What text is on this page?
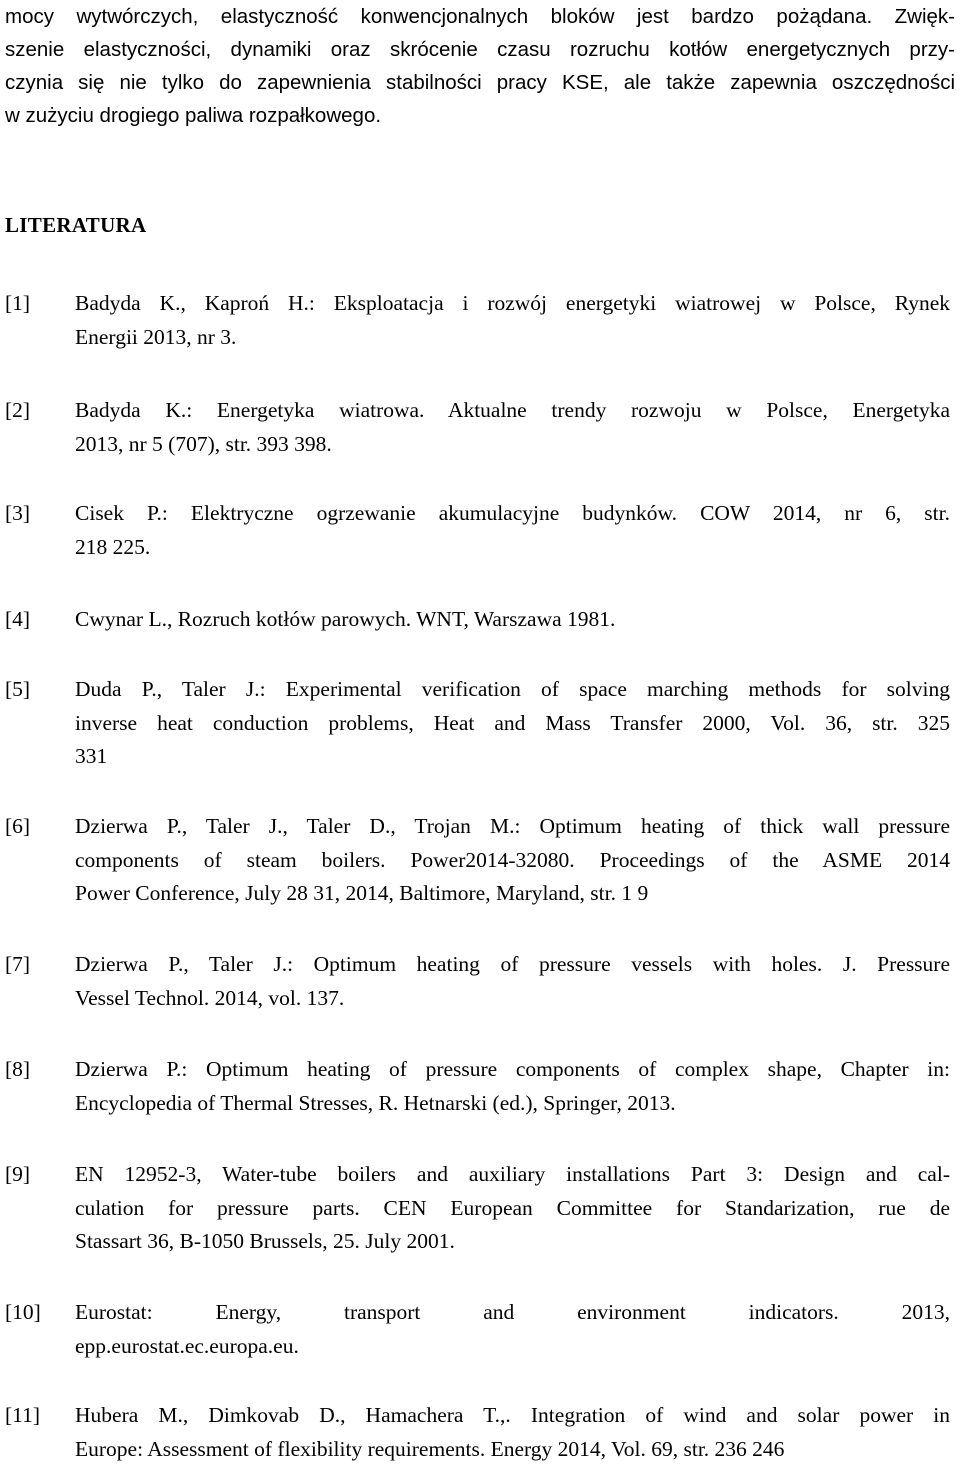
mocy wytwórczych, elastyczność konwencjonalnych bloków jest bardzo pożądana. Zwięk-
szenie elastyczności, dynamiki oraz skrócenie czasu rozruchu kotłów energetycznych przy-
czynia się nie tylko do zapewnienia stabilności pracy KSE, ale także zapewnia oszczędności
w zużyciu drogiego paliwa rozpałkowego.
LITERATURA
[1] Badyda K., Kaproń H.: Eksploatacja i rozwój energetyki wiatrowej w Polsce, Rynek
Energii 2013, nr 3.
[2] Badyda K.: Energetyka wiatrowa. Aktualne trendy rozwoju w Polsce, Energetyka
2013, nr 5 (707), str. 393 398.
[3] Cisek P.: Elektryczne ogrzewanie akumulacyjne budynków. COW 2014, nr 6, str.
218 225.
[4] Cwynar L., Rozruch kotłów parowych. WNT, Warszawa 1981.
[5] Duda P., Taler J.: Experimental verification of space marching methods for solving
inverse heat conduction problems, Heat and Mass Transfer 2000, Vol. 36, str. 325
331
[6] Dzierwa P., Taler J., Taler D., Trojan M.: Optimum heating of thick wall pressure
components of steam boilers. Power2014-32080. Proceedings of the ASME 2014
Power Conference, July 28 31, 2014, Baltimore, Maryland, str. 1 9
[7] Dzierwa P., Taler J.: Optimum heating of pressure vessels with holes. J. Pressure
Vessel Technol. 2014, vol. 137.
[8] Dzierwa P.: Optimum heating of pressure components of complex shape, Chapter in:
Encyclopedia of Thermal Stresses, R. Hetnarski (ed.), Springer, 2013.
[9] EN 12952-3, Water-tube boilers and auxiliary installations Part 3: Design and cal-
culation for pressure parts. CEN European Committee for Standarization, rue de
Stassart 36, B-1050 Brussels, 25. July 2001.
[10] Eurostat: Energy, transport and environment indicators. 2013,
epp.eurostat.ec.europa.eu.
[11] Hubera M., Dimkovab D., Hamachera T.,. Integration of wind and solar power in
Europe: Assessment of flexibility requirements. Energy 2014, Vol. 69, str. 236 246
